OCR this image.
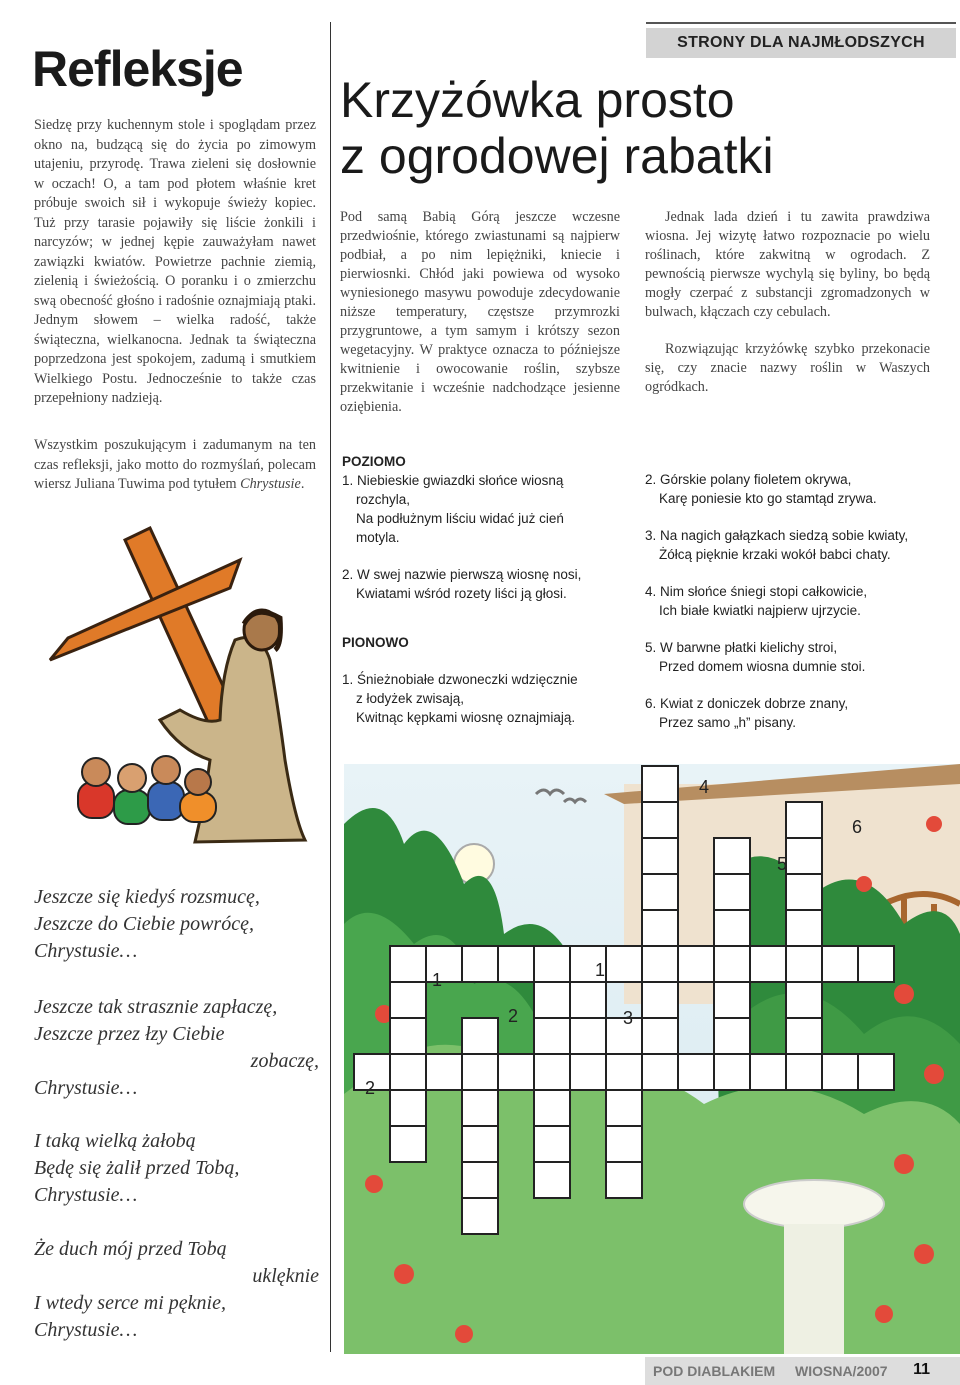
Refleksje
Siedzę przy kuchennym stole i spoglądam przez okno na, budzącą się do życia po zimowym utajeniu, przyrodę. Trawa zieleni się dosłownie w oczach! O, a tam pod płotem właśnie kret próbuje swoich sił i wykopuje świeży kopiec. Tuż przy tarasie pojawiły się liście żonkili i narcyzów; w jednej kępie zauważyłam nawet zawiązki kwiatów. Powietrze pachnie ziemią, zielenią i świeżością. O poranku i o zmierzchu swą obecność głośno i radośnie oznajmiają ptaki. Jednym słowem – wielka radość, także świąteczna, wielkanocna. Jednak ta świąteczna poprzedzona jest spokojem, zadumą i smutkiem Wielkiego Postu. Jednocześnie to także czas przepełniony nadzieją.
Wszystkim poszukującym i zadumanym na ten czas refleksji, jako motto do rozmyślań, polecam wiersz Juliana Tuwima pod tytułem Chrystusie.
Jeszcze się kiedyś rozsmucę,
Jeszcze do Ciebie powrócę,
Chrystusie…
Jeszcze tak strasznie zapłaczę,
Jeszcze przez łzy Ciebie
zobaczę,
Chrystusie…
I taką wielką żałobą
Będę się żalił przed Tobą,
Chrystusie…
Że duch mój przed Tobą
uklęknie
I wtedy serce mi pęknie,
Chrystusie…
STRONY DLA NAJMŁODSZYCH
Krzyżówka prosto
z ogrodowej rabatki
Pod samą Babią Górą jeszcze wczesne przedwiośnie, którego zwiastunami są najpierw podbiał, a po nim lepiężniki, kniecie i pierwiosnki. Chłód jaki powiewa od wysoko wyniesionego masywu powoduje zdecydowanie niższe temperatury, częstsze przymrozki przygruntowe, a tym samym i krótszy sezon wegetacyjny. W praktyce oznacza to późniejsze kwitnienie i owocowanie roślin, szybsze przekwitanie i wcześnie nadchodzące jesienne oziębienia.
Jednak lada dzień i tu zawita prawdziwa wiosna. Jej wizytę łatwo rozpoznacie po wielu roślinach, które zakwitną w ogrodach. Z pewnością pierwsze wychylą się byliny, bo będą mogły czerpać z substancji zgromadzonych w bulwach, kłączach czy cebulach.
Rozwiązując krzyżówkę szybko przekonacie się, czy znacie nazwy roślin w Waszych ogródkach.
POZIOMO
1. Niebieskie gwiazdki słońce wiosną
rozchyla,
Na podłużnym liściu widać już cień
motyla.
2. W swej nazwie pierwszą wiosnę nosi,
Kwiatami wśród rozety liści ją głosi.
PIONOWO
1. Śnieżnobiałe dzwoneczki wdzięcznie
z łodyżek zwisają,
Kwitnąc kępkami wiosnę oznajmiają.
2. Górskie polany fioletem okrywa,
Karę poniesie kto go stamtąd zrywa.
3. Na nagich gałązkach siedzą sobie kwiaty,
Żółcą pięknie krzaki wokół babci chaty.
4. Nim słońce śniegi stopi całkowicie,
Ich białe kwiatki najpierw ujrzycie.
5. W barwne płatki kielichy stroi,
Przed domem wiosna dumnie stoi.
6. Kwiat z doniczek dobrze znany,
Przez samo „h” pisany.
4
6
5
1	1
2	3
2
POD DIABLAKIEM WIOSNA/2007 11
